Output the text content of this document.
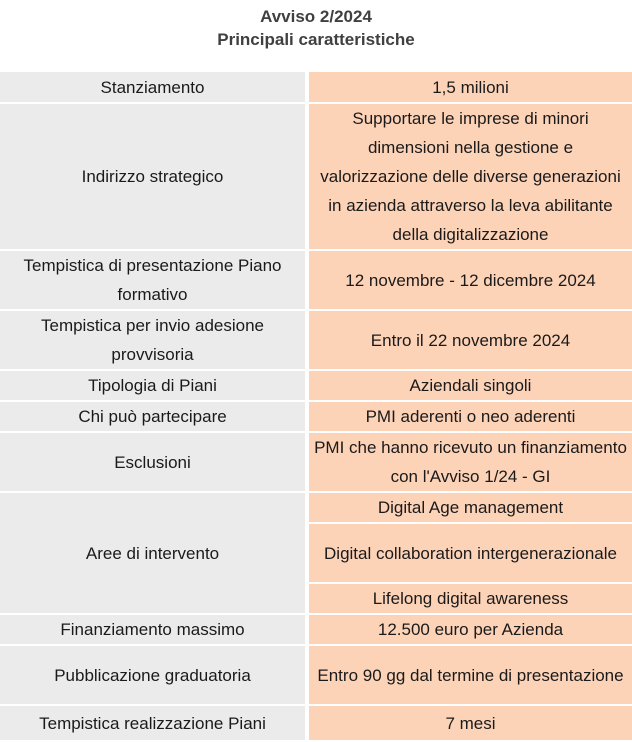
Avviso 2/2024
Principali caratteristiche
Stanziamento	1,5 milioni
Indirizzo strategico	Supportare le imprese di minori dimensioni nella gestione e valorizzazione delle diverse generazioni in azienda attraverso la leva abilitante della digitalizzazione
Tempistica di presentazione Piano formativo	12 novembre - 12 dicembre 2024
Tempistica per invio adesione provvisoria	Entro il 22 novembre 2024
Tipologia di Piani	Aziendali singoli
Chi può partecipare	PMI aderenti o neo aderenti
Esclusioni	PMI che hanno ricevuto un finanziamento con l'Avviso 1/24 - GI
Aree di intervento	Digital Age management
	Digital collaboration intergenerazionale
	Lifelong digital awareness
Finanziamento massimo	12.500 euro per Azienda
Pubblicazione graduatoria	Entro 90 gg dal termine di presentazione
Tempistica realizzazione Piani	7 mesi
